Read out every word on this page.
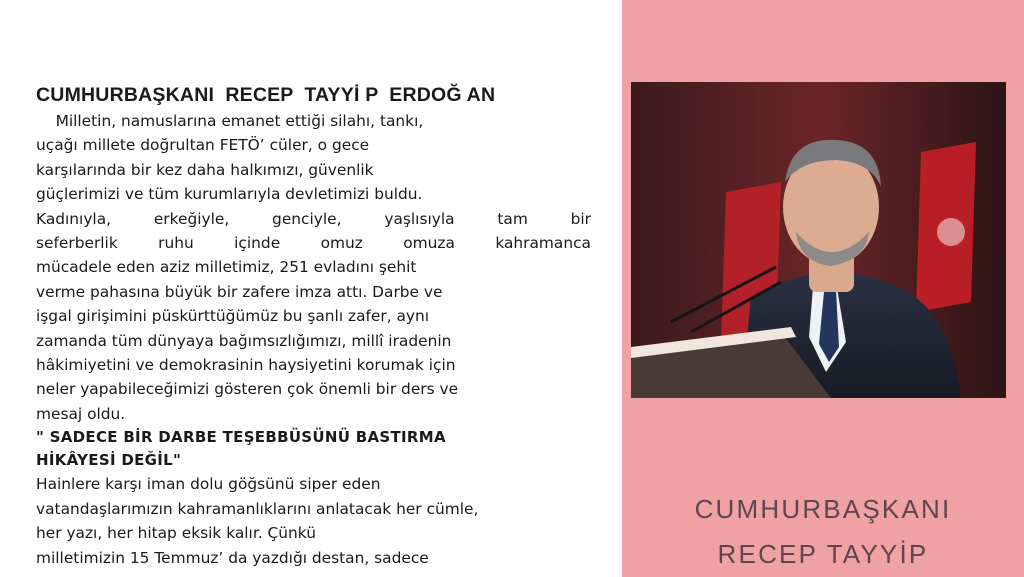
CUMHURBAŞKANI  RECEP  TAYYİ P  ERDOĞ AN
Milletin, namuslarına emanet ettiği silahı, tankı,
uçağı millete doğrultan FETÖ’ cüler, o gece
karşılarında bir kez daha halkımızı, güvenlik
güçlerimizi ve tüm kurumlarıyla devletimizi buldu.
Kadınıyla, erkeğiyle, genciyle, yaşlısıyla tam bir
seferberlik ruhu içinde omuz omuza kahramanca
mücadele eden aziz milletimiz, 251 evladını şehit
verme pahasına büyük bir zafere imza attı. Darbe ve
işgal girişimini püskürttüğümüz bu şanlı zafer, aynı
zamanda tüm dünyaya bağımsızlığımızı, millî iradenin
hâkimiyetini ve demokrasinin haysiyetini korumak için
neler yapabileceğimizi gösteren çok önemli bir ders ve
mesaj oldu.
" SADECE BİR DARBE TEŞEBBÜSÜNÜ BASTIRMA
HİKÂYESİ DEĞİL"
Hainlere karşı iman dolu göğsünü siper eden
vatandaşlarımızın kahramanlıklarını anlatacak her cümle,
her yazı, her hitap eksik kalır. Çünkü
milletimizin 15 Temmuz’ da yazdığı destan, sadece
CUMHURBAŞKANI
RECEP TAYYİP
